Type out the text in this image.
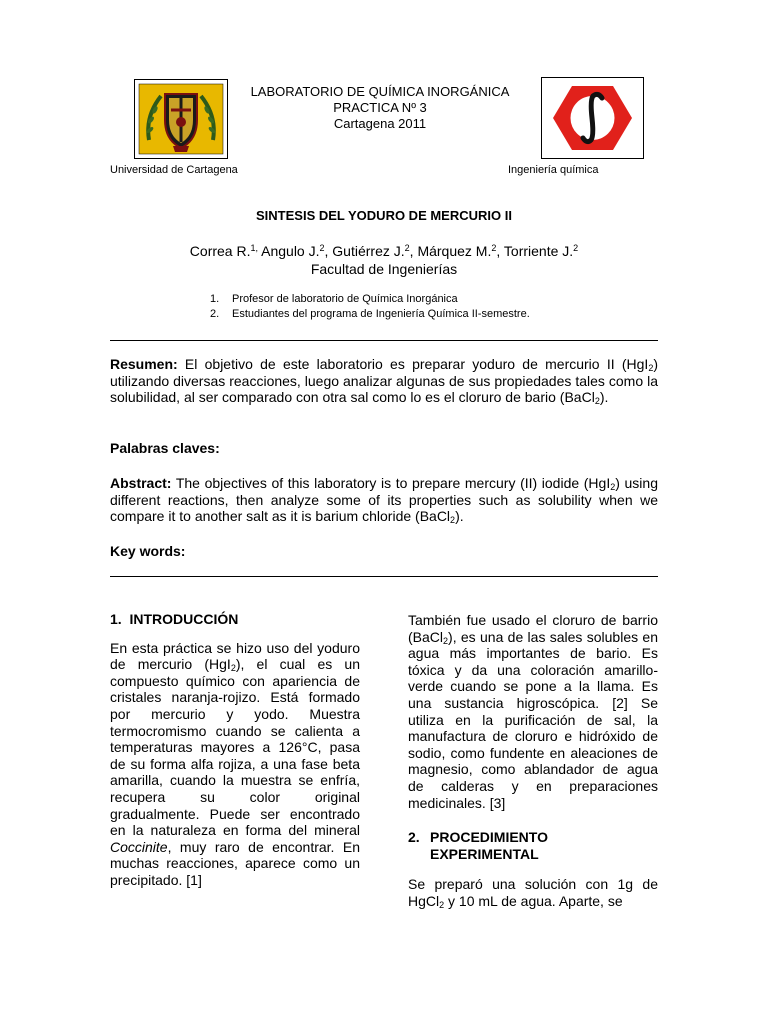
LABORATORIO DE QUÍMICA INORGÁNICA
PRACTICA Nº 3
Cartagena 2011
Universidad de Cartagena	Ingeniería química
SINTESIS DEL YODURO DE MERCURIO II
Correa R.$^{1,}$ Angulo J.$^2$, Gutiérrez J.$^2$, Márquez M.$^2$, Torriente J.$^2$
Facultad de Ingenierías
1. Profesor de laboratorio de Química Inorgánica
2. Estudiantes del programa de Ingeniería Química II-semestre.
Resumen: El objetivo de este laboratorio es preparar yoduro de mercurio II (HgI$_2$) utilizando diversas reacciones, luego analizar algunas de sus propiedades tales como la solubilidad, al ser comparado con otra sal como lo es el cloruro de bario (BaCl$_2$).
Palabras claves:
Abstract: The objectives of this laboratory is to prepare mercury (II) iodide (HgI$_2$) using different reactions, then analyze some of its properties such as solubility when we compare it to another salt as it is barium chloride (BaCl$_2$).
Key words:
1. INTRODUCCIÓN

En esta práctica se hizo uso del yoduro de mercurio (HgI$_2$), el cual es un compuesto químico con apariencia de cristales naranja-rojizo. Está formado por mercurio y yodo. Muestra termocromismo cuando se calienta a temperaturas mayores a 126°C, pasa de su forma alfa rojiza, a una fase beta amarilla, cuando la muestra se enfría, recupera su color original gradualmente. Puede ser encontrado en la naturaleza en forma del mineral Coccinite, muy raro de encontrar. En muchas reacciones, aparece como un precipitado. [1]

También fue usado el cloruro de barrio (BaCl$_2$), es una de las sales solubles en agua más importantes de bario. Es tóxica y da una coloración amarillo-verde cuando se pone a la llama. Es una sustancia higroscópica. [2] Se utiliza en la purificación de sal, la manufactura de cloruro e hidróxido de sodio, como fundente en aleaciones de magnesio, como ablandador de agua de calderas y en preparaciones medicinales. [3]

2. PROCEDIMIENTO
EXPERIMENTAL

Se preparó una solución con 1g de HgCl$_2$ y 10 mL de agua. Aparte, se
